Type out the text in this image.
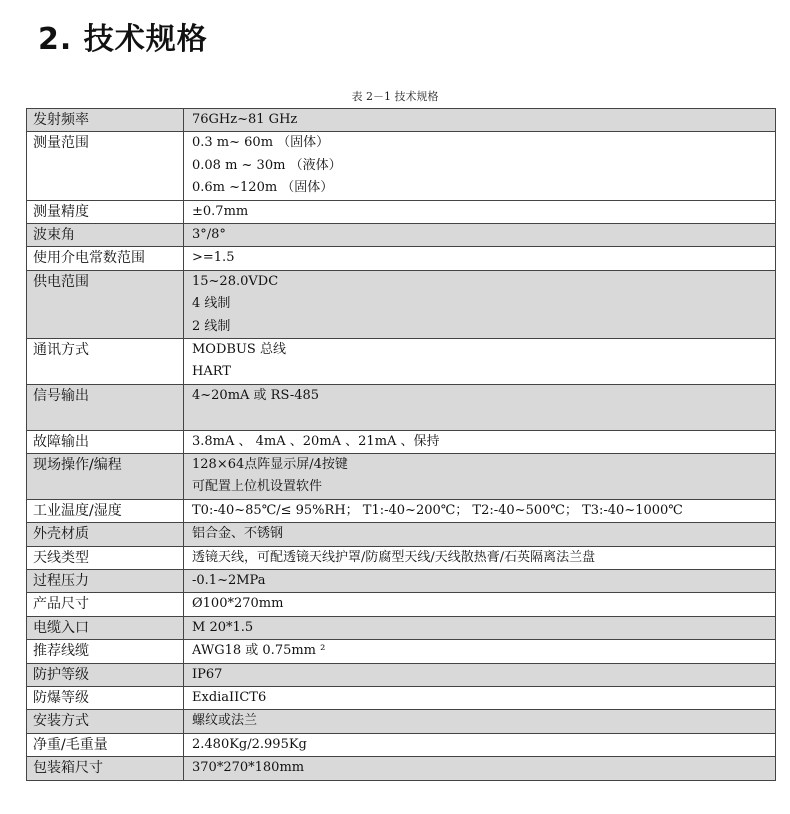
2. 技术规格
表 2－1 技术规格
发射频率	76GHz~81 GHz

测量范围	0.3 m~ 60m （固体）
0.08 m ~ 30m （液体）
0.6m ~120m （固体）

测量精度	±0.7mm

波束角	3°/8°

使用介电常数范围	>=1.5

供电范围	15~28.0VDC
4 线制
2 线制

通讯方式	MODBUS 总线
HART

信号输出	4~20mA 或 RS-485

故障输出	3.8mA 、 4mA 、20mA 、21mA 、保持

现场操作/编程	128×64点阵显示屏/4按键
可配置上位机设置软件

工业温度/湿度	T0:-40~85℃/≤ 95%RH； T1:-40~200℃； T2:-40~500℃； T3:-40~1000℃

外壳材质	铝合金、不锈钢

天线类型	透镜天线，可配透镜天线护罩/防腐型天线/天线散热膏/石英隔离法兰盘

过程压力	-0.1~2MPa

产品尺寸	Ø100*270mm

电缆入口	M 20*1.5

推荐线缆	AWG18 或 0.75mm ²

防护等级	IP67

防爆等级	ExdiaIICT6

安装方式	螺纹或法兰

净重/毛重量	2.480Kg/2.995Kg

包装箱尺寸	370*270*180mm
